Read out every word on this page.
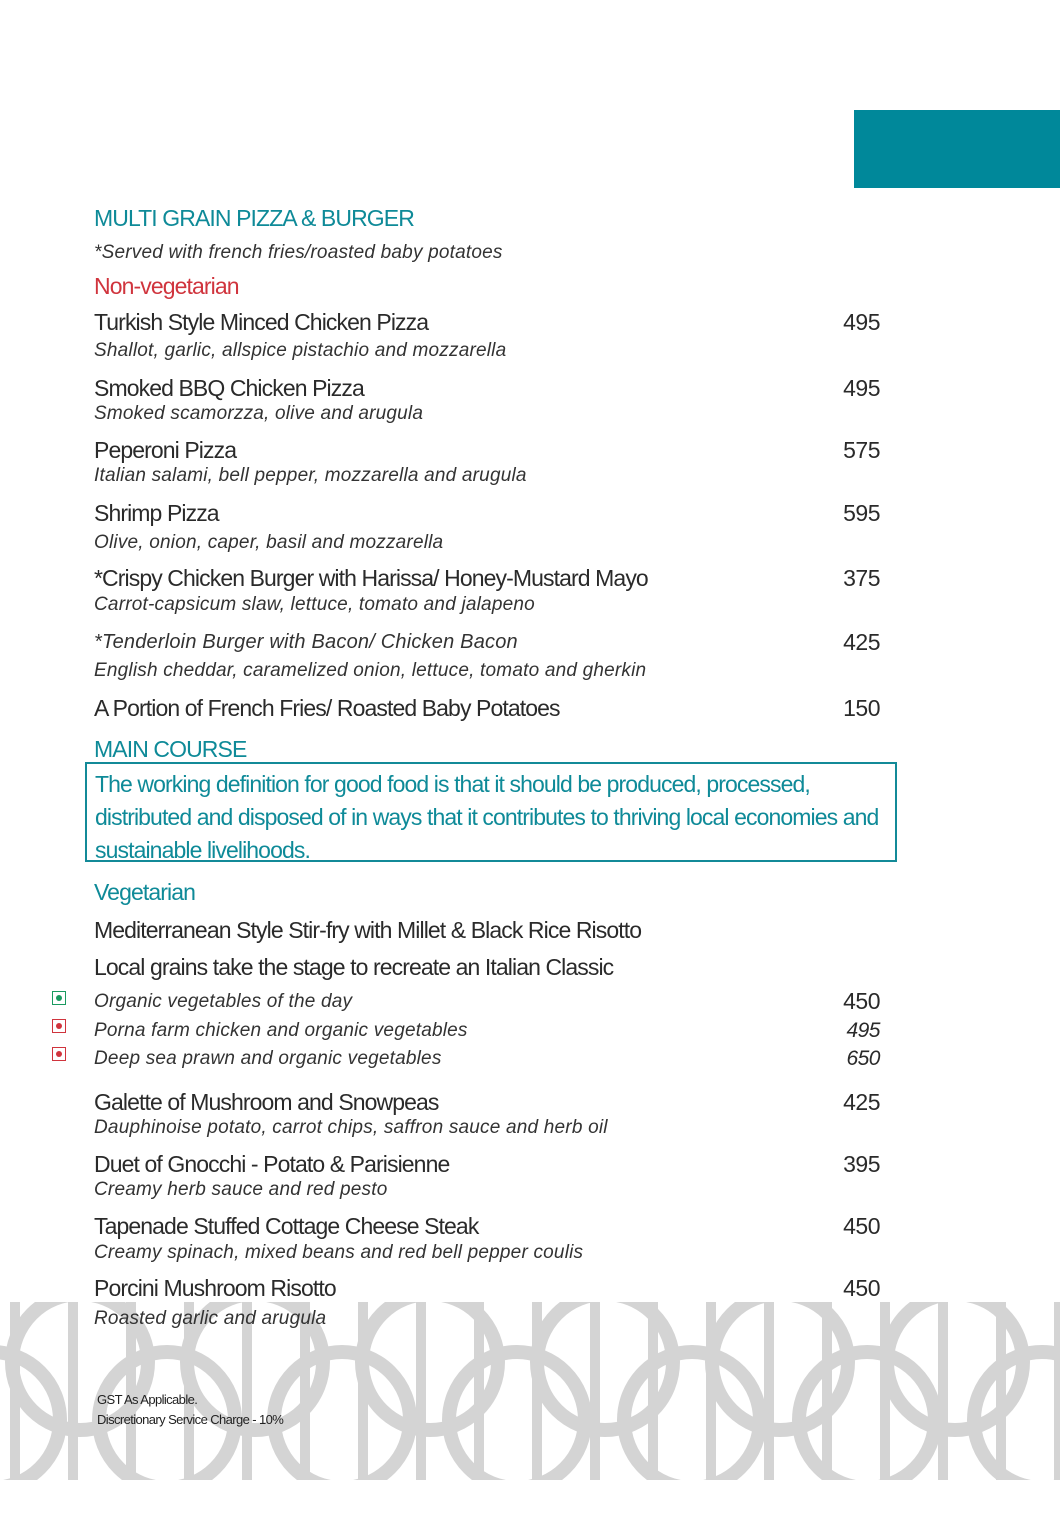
MULTI GRAIN PIZZA & BURGER
*Served with french fries/roasted baby potatoes
Non-vegetarian
Turkish Style Minced Chicken Pizza	495
Shallot, garlic, allspice pistachio and mozzarella
Smoked BBQ Chicken Pizza	495
Smoked scamorzza, olive and arugula
Peperoni Pizza	575
Italian salami, bell pepper, mozzarella and arugula
Shrimp Pizza	595
Olive, onion, caper, basil and mozzarella
*Crispy Chicken Burger with Harissa/ Honey-Mustard Mayo	375
Carrot-capsicum slaw, lettuce, tomato and jalapeno
*Tenderloin Burger with Bacon/ Chicken Bacon	425
English cheddar, caramelized onion, lettuce, tomato and gherkin
A Portion of French Fries/ Roasted Baby Potatoes	150
MAIN COURSE
The working definition for good food is that it should be produced, processed, distributed and disposed of in ways that it contributes to thriving local economies and sustainable livelihoods.
Vegetarian
Mediterranean Style Stir-fry with Millet & Black Rice Risotto
Local grains take the stage to recreate an Italian Classic
Organic vegetables of the day	450
Porna farm chicken and organic vegetables	495
Deep sea prawn and organic vegetables	650
Galette of Mushroom and Snowpeas	425
Dauphinoise potato, carrot chips, saffron sauce and herb oil
Duet of Gnocchi - Potato & Parisienne	395
Creamy herb sauce and red pesto
Tapenade Stuffed Cottage Cheese Steak	450
Creamy spinach, mixed beans and red bell pepper coulis
Porcini Mushroom Risotto	450
Roasted garlic and arugula
GST As Applicable.
Discretionary Service Charge - 10%
